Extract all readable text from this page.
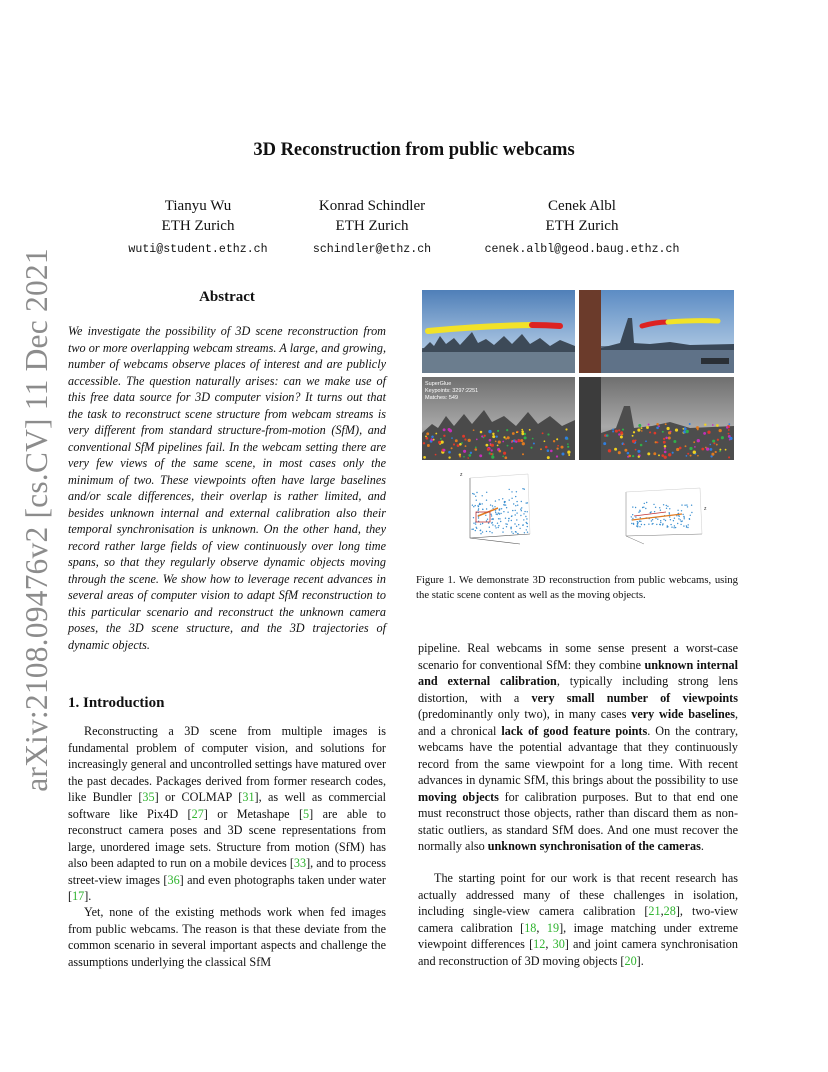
arXiv:2108.09476v2 [cs.CV] 11 Dec 2021
3D Reconstruction from public webcams
Tianyu Wu
ETH Zurich
wuti@student.ethz.ch
Konrad Schindler
ETH Zurich
schindler@ethz.ch
Cenek Albl
ETH Zurich
cenek.albl@geod.baug.ethz.ch
Abstract
We investigate the possibility of 3D scene reconstruction from two or more overlapping webcam streams. A large, and growing, number of webcams observe places of interest and are publicly accessible. The question naturally arises: can we make use of this free data source for 3D computer vision? It turns out that the task to reconstruct scene structure from webcam streams is very different from standard structure-from-motion (SfM), and conventional SfM pipelines fail. In the webcam setting there are very few views of the same scene, in most cases only the minimum of two. These viewpoints often have large baselines and/or scale differences, their overlap is rather limited, and besides unknown internal and external calibration also their temporal synchronisation is unknown. On the other hand, they record rather large fields of view continuously over long time spans, so that they regularly observe dynamic objects moving through the scene. We show how to leverage recent advances in several areas of computer vision to adapt SfM reconstruction to this particular scenario and reconstruct the unknown camera poses, the 3D scene structure, and the 3D trajectories of dynamic objects.
1. Introduction
Reconstructing a 3D scene from multiple images is fundamental problem of computer vision, and solutions for increasingly general and uncontrolled settings have matured over the past decades. Packages derived from former research codes, like Bundler [35] or COLMAP [31], as well as commercial software like Pix4D [27] or Metashape [5] are able to reconstruct camera poses and 3D scene representations from large, unordered image sets. Structure from motion (SfM) has also been adapted to run on a mobile devices [33], and to process street-view images [36] and even photographs taken under water [17].
Yet, none of the existing methods work when fed images from public webcams. The reason is that these deviate from the common scenario in several important aspects and challenge the assumptions underlying the classical SfM
SuperGlue
Keypoints: 3297:2251
Matches: 549
z
z
Figure 1. We demonstrate 3D reconstruction from public webcams, using the static scene content as well as the moving objects.
pipeline. Real webcams in some sense present a worst-case scenario for conventional SfM: they combine unknown internal and external calibration, typically including strong lens distortion, with a very small number of viewpoints (predominantly only two), in many cases very wide baselines, and a chronical lack of good feature points. On the contrary, webcams have the potential advantage that they continuously record from the same viewpoint for a long time. With recent advances in dynamic SfM, this brings about the possibility to use moving objects for calibration purposes. But to that end one must reconstruct those objects, rather than discard them as non-static outliers, as standard SfM does. And one must recover the normally also unknown synchronisation of the cameras.
The starting point for our work is that recent research has actually addressed many of these challenges in isolation, including single-view camera calibration [21,28], two-view camera calibration [18, 19], image matching under extreme viewpoint differences [12, 30] and joint camera synchronisation and reconstruction of 3D moving objects [20].
